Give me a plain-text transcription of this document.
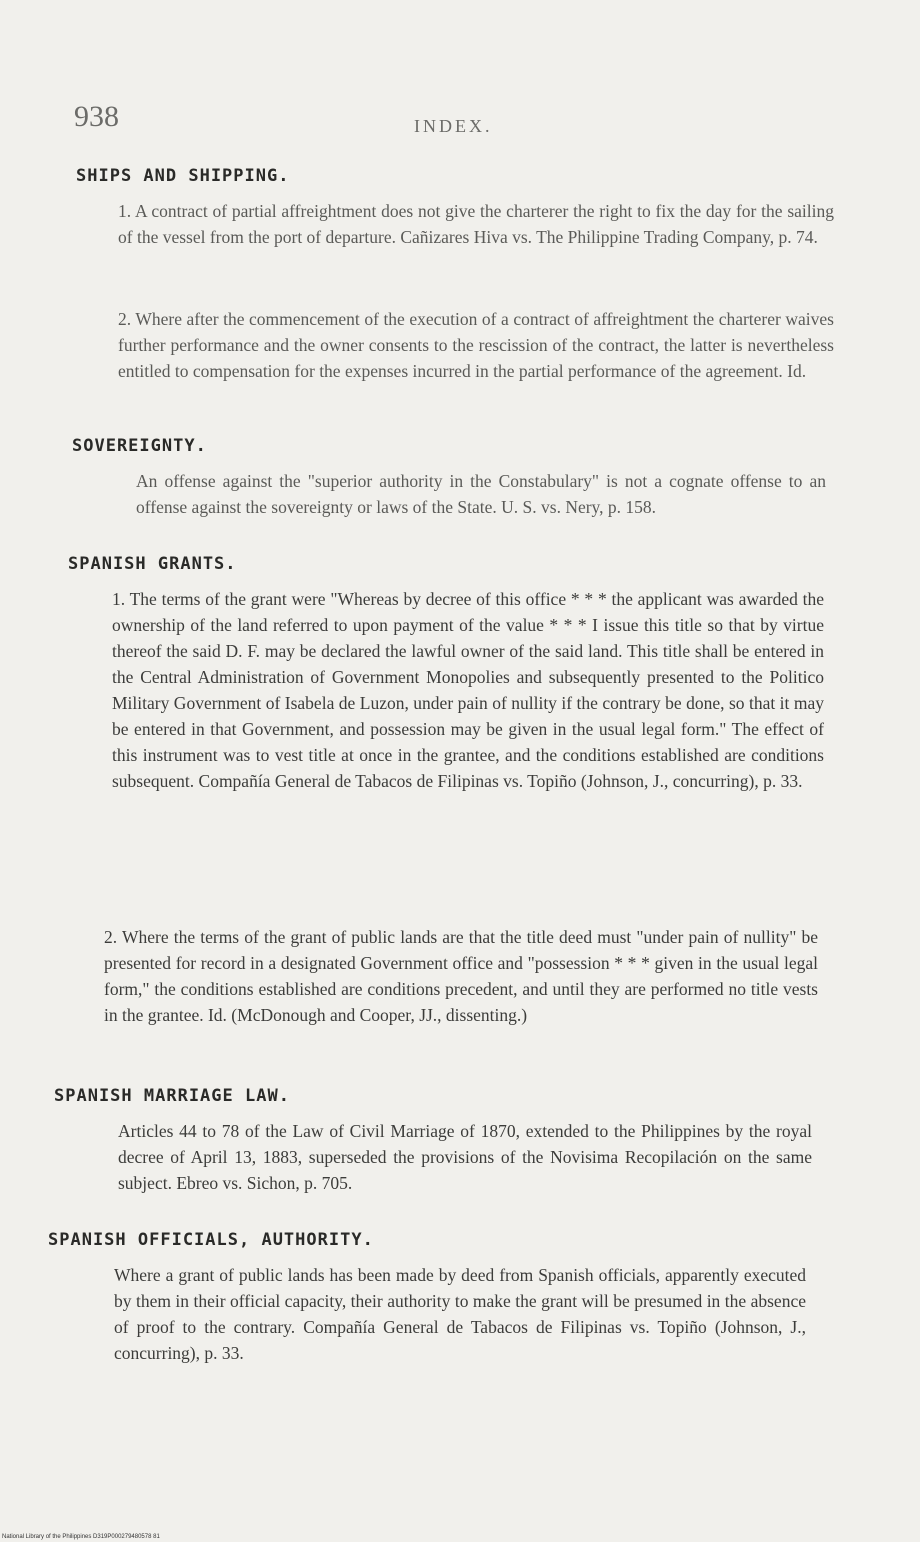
938	INDEX.
SHIPS AND SHIPPING.
1. A contract of partial affreightment does not give the charterer the right to fix the day for the sailing of the vessel from the port of departure. Cañizares Hiva vs. The Philippine Trading Company, p. 74.
2. Where after the commencement of the execution of a contract of affreightment the charterer waives further performance and the owner consents to the rescission of the contract, the latter is nevertheless entitled to compensation for the expenses incurred in the partial performance of the agreement. Id.
SOVEREIGNTY.
An offense against the "superior authority in the Constabulary" is not a cognate offense to an offense against the sovereignty or laws of the State. U. S. vs. Nery, p. 158.
SPANISH GRANTS.
1. The terms of the grant were "Whereas by decree of this office * * * the applicant was awarded the ownership of the land referred to upon payment of the value * * * I issue this title so that by virtue thereof the said D. F. may be declared the lawful owner of the said land. This title shall be entered in the Central Administration of Government Monopolies and subsequently presented to the Politico Military Government of Isabela de Luzon, under pain of nullity if the contrary be done, so that it may be entered in that Government, and possession may be given in the usual legal form." The effect of this instrument was to vest title at once in the grantee, and the conditions established are conditions subsequent. Compañía General de Tabacos de Filipinas vs. Topiño (Johnson, J., concurring), p. 33.
2. Where the terms of the grant of public lands are that the title deed must "under pain of nullity" be presented for record in a designated Government office and "possession * * * given in the usual legal form," the conditions established are conditions precedent, and until they are performed no title vests in the grantee. Id. (McDonough and Cooper, JJ., dissenting.)
SPANISH MARRIAGE LAW.
Articles 44 to 78 of the Law of Civil Marriage of 1870, extended to the Philippines by the royal decree of April 13, 1883, superseded the provisions of the Novisima Recopilación on the same subject. Ebreo vs. Sichon, p. 705.
SPANISH OFFICIALS, AUTHORITY.
Where a grant of public lands has been made by deed from Spanish officials, apparently executed by them in their official capacity, their authority to make the grant will be presumed in the absence of proof to the contrary. Compañía General de Tabacos de Filipinas vs. Topiño (Johnson, J., concurring), p. 33.
National Library of the Philippines D319P000279480578 81
